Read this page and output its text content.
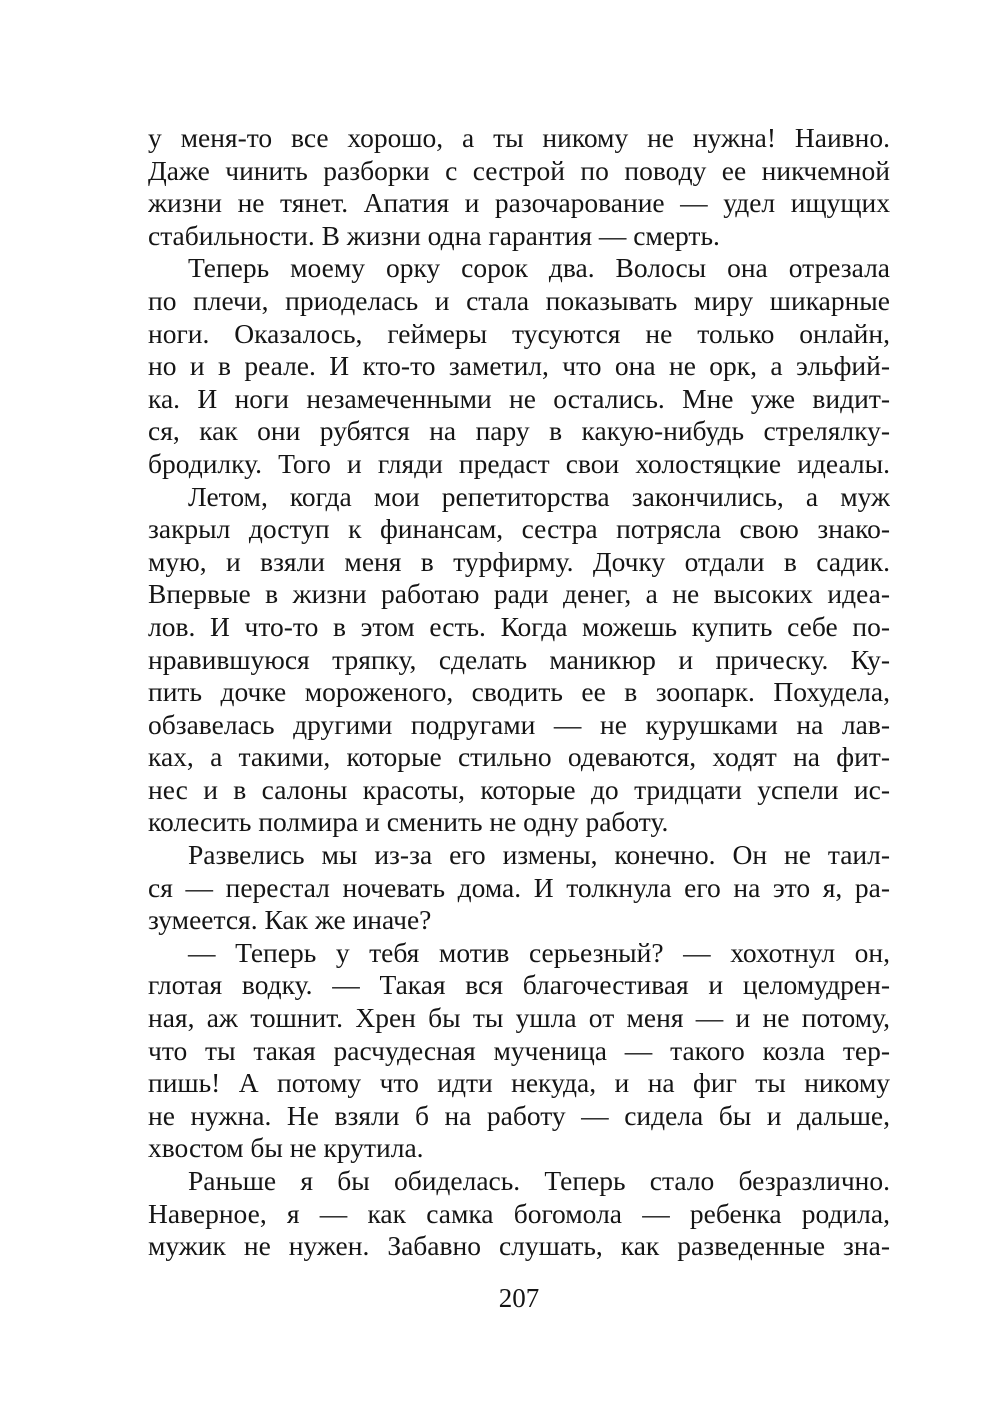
у меня-то все хорошо, а ты никому не нужна! Наивно.
Даже чинить разборки с сестрой по поводу ее никчемной
жизни не тянет. Апатия и разочарование — удел ищущих
стабильности. В жизни одна гарантия — смерть.
Теперь моему орку сорок два. Волосы она отрезала
по плечи, приоделась и стала показывать миру шикарные
ноги. Оказалось, геймеры тусуются не только онлайн,
но и в реале. И кто-то заметил, что она не орк, а эльфий-
ка. И ноги незамеченными не остались. Мне уже видит-
ся, как они рубятся на пару в какую-нибудь стрелялку-
бродилку. Того и гляди предаст свои холостяцкие идеалы.
Летом, когда мои репетиторства закончились, а муж
закрыл доступ к финансам, сестра потрясла свою знако-
мую, и взяли меня в турфирму. Дочку отдали в садик.
Впервые в жизни работаю ради денег, а не высоких идеа-
лов. И что-то в этом есть. Когда можешь купить себе по-
нравившуюся тряпку, сделать маникюр и прическу. Ку-
пить дочке мороженого, сводить ее в зоопарк. Похудела,
обзавелась другими подругами — не курушками на лав-
ках, а такими, которые стильно одеваются, ходят на фит-
нес и в салоны красоты, которые до тридцати успели ис-
колесить полмира и сменить не одну работу.
Развелись мы из-за его измены, конечно. Он не таил-
ся — перестал ночевать дома. И толкнула его на это я, ра-
зумеется. Как же иначе?
— Теперь у тебя мотив серьезный? — хохотнул он,
глотая водку. — Такая вся благочестивая и целомудрен-
ная, аж тошнит. Хрен бы ты ушла от меня — и не потому,
что ты такая расчудесная мученица — такого козла тер-
пишь! А потому что идти некуда, и на фиг ты никому
не нужна. Не взяли б на работу — сидела бы и дальше,
хвостом бы не крутила.
Раньше я бы обиделась. Теперь стало безразлично.
Наверное, я — как самка богомола — ребенка родила,
мужик не нужен. Забавно слушать, как разведенные зна-
207
